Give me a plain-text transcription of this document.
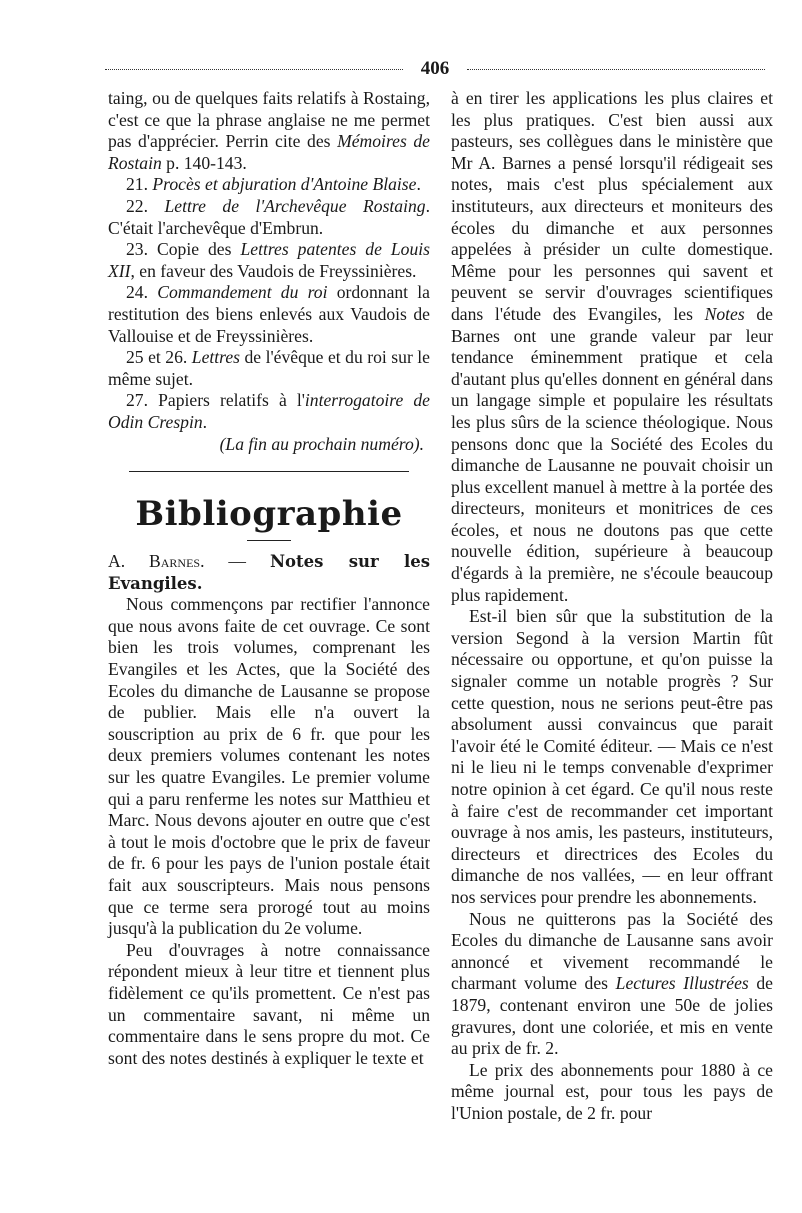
406

taing, ou de quelques faits relatifs à Rostaing, c'est ce que la phrase anglaise ne me permet pas d'apprécier. Perrin cite des Mémoires de Rostain p. 140-143.

21. Procès et abjuration d'Antoine Blaise.

22. Lettre de l'Archevêque Rostaing. C'était l'archevêque d'Embrun.

23. Copie des Lettres patentes de Louis XII, en faveur des Vaudois de Freyssinières.

24. Commandement du roi ordonnant la restitution des biens enlevés aux Vaudois de Vallouise et de Freyssinières.

25 et 26. Lettres de l'évêque et du roi sur le même sujet.

27. Papiers relatifs à l'interrogatoire de Odin Crespin.

(La fin au prochain numéro).

Bibliographie

A. Barnes. — Notes sur les Evangiles.

Nous commençons par rectifier l'annonce que nous avons faite de cet ouvrage. Ce sont bien les trois volumes, comprenant les Evangiles et les Actes, que la Société des Ecoles du dimanche de Lausanne se propose de publier. Mais elle n'a ouvert la souscription au prix de 6 fr. que pour les deux premiers volumes contenant les notes sur les quatre Evangiles. Le premier volume qui a paru renferme les notes sur Matthieu et Marc. Nous devons ajouter en outre que c'est à tout le mois d'octobre que le prix de faveur de fr. 6 pour les pays de l'union postale était fait aux souscripteurs. Mais nous pensons que ce terme sera prorogé tout au moins jusqu'à la publication du 2e volume.

Peu d'ouvrages à notre connaissance répondent mieux à leur titre et tiennent plus fidèlement ce qu'ils promettent. Ce n'est pas un commentaire savant, ni même un commentaire dans le sens propre du mot. Ce sont des notes destinés à expliquer le texte et

à en tirer les applications les plus claires et les plus pratiques. C'est bien aussi aux pasteurs, ses collègues dans le ministère que Mr A. Barnes a pensé lorsqu'il rédigeait ses notes, mais c'est plus spécialement aux instituteurs, aux directeurs et moniteurs des écoles du dimanche et aux personnes appelées à présider un culte domestique. Même pour les personnes qui savent et peuvent se servir d'ouvrages scientifiques dans l'étude des Evangiles, les Notes de Barnes ont une grande valeur par leur tendance éminemment pratique et cela d'autant plus qu'elles donnent en général dans un langage simple et populaire les résultats les plus sûrs de la science théologique. Nous pensons donc que la Société des Ecoles du dimanche de Lausanne ne pouvait choisir un plus excellent manuel à mettre à la portée des directeurs, moniteurs et monitrices de ces écoles, et nous ne doutons pas que cette nouvelle édition, supérieure à beaucoup d'égards à la première, ne s'écoule beaucoup plus rapidement.

Est-il bien sûr que la substitution de la version Segond à la version Martin fût nécessaire ou opportune, et qu'on puisse la signaler comme un notable progrès ? Sur cette question, nous ne serions peut-être pas absolument aussi convaincus que parait l'avoir été le Comité éditeur. — Mais ce n'est ni le lieu ni le temps convenable d'exprimer notre opinion à cet égard. Ce qu'il nous reste à faire c'est de recommander cet important ouvrage à nos amis, les pasteurs, instituteurs, directeurs et directrices des Ecoles du dimanche de nos vallées, — en leur offrant nos services pour prendre les abonnements.

Nous ne quitterons pas la Société des Ecoles du dimanche de Lausanne sans avoir annoncé et vivement recommandé le charmant volume des Lectures Illustrées de 1879, contenant environ une 50e de jolies gravures, dont une coloriée, et mis en vente au prix de fr. 2.

Le prix des abonnements pour 1880 à ce même journal est, pour tous les pays de l'Union postale, de 2 fr. pour
